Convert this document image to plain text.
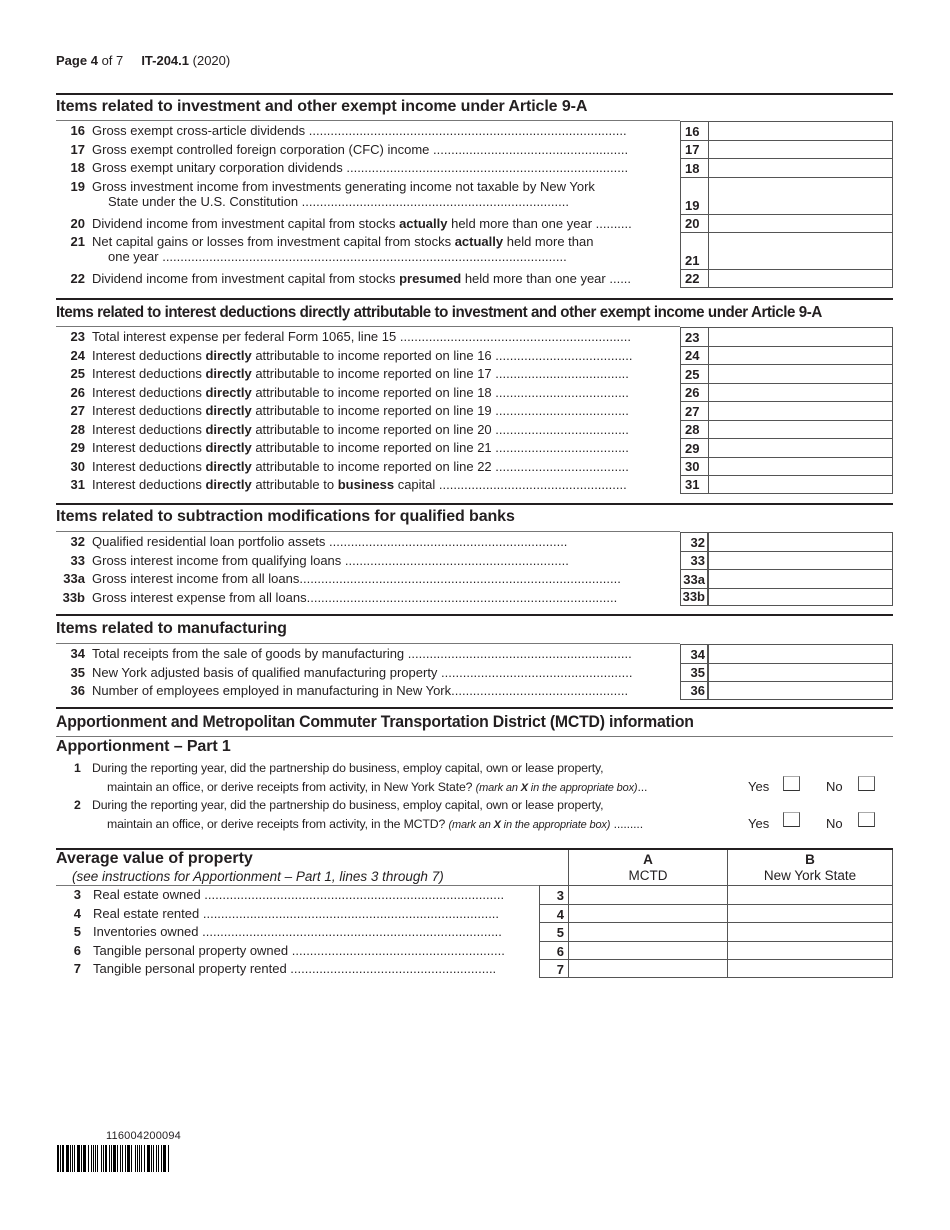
Page 4 of 7 IT-204.1 (2020)
Items related to investment and other exempt income under Article 9-A
16 Gross exempt cross-article dividends ........................................................................................	16
17 Gross exempt controlled foreign corporation (CFC) income ......................................................	17
18 Gross exempt unitary corporation dividends ..............................................................................	18
19 Gross investment income from investments generating income not taxable by New York
State under the U.S. Constitution ..........................................................................	19
20 Dividend income from investment capital from stocks actually held more than one year ..........	20
21 Net capital gains or losses from investment capital from stocks actually held more than
one year ................................................................................................................	21
22 Dividend income from investment capital from stocks presumed held more than one year ......	22
Items related to interest deductions directly attributable to investment and other exempt income under Article 9-A
23 Total interest expense per federal Form 1065, line 15 ................................................................	23
24 Interest deductions directly attributable to income reported on line 16 ......................................	24
25 Interest deductions directly attributable to income reported on line 17 .....................................	25
26 Interest deductions directly attributable to income reported on line 18 .....................................	26
27 Interest deductions directly attributable to income reported on line 19 .....................................	27
28 Interest deductions directly attributable to income reported on line 20 .....................................	28
29 Interest deductions directly attributable to income reported on line 21 .....................................	29
30 Interest deductions directly attributable to income reported on line 22 .....................................	30
31 Interest deductions directly attributable to business capital ....................................................	31
Items related to subtraction modifications for qualified banks
32 Qualified residential loan portfolio assets ..................................................................	32
33 Gross interest income from qualifying loans ..............................................................	33
33a Gross interest income from all loans.........................................................................................	33a
33b Gross interest expense from all loans......................................................................................	33b
Items related to manufacturing
34 Total receipts from the sale of goods by manufacturing ..............................................................	34
35 New York adjusted basis of qualified manufacturing property .....................................................	35
36 Number of employees employed in manufacturing in New York.................................................	36
Apportionment and Metropolitan Commuter Transportation District (MCTD) information
Apportionment – Part 1
1 During the reporting year, did the partnership do business, employ capital, own or lease property,
maintain an office, or derive receipts from activity, in New York State? (mark an X in the appropriate box)...	Yes	No
2 During the reporting year, did the partnership do business, employ capital, own or lease property,
maintain an office, or derive receipts from activity, in the MCTD? (mark an X in the appropriate box) .........	Yes	No
Average value of property
(see instructions for Apportionment – Part 1, lines 3 through 7)
A
MCTD
B
New York State
3 Real estate owned ...................................................................................	3
4 Real estate rented ..................................................................................	4
5 Inventories owned ...................................................................................	5
6 Tangible personal property owned ...........................................................	6
7 Tangible personal property rented .........................................................	7
116004200094
